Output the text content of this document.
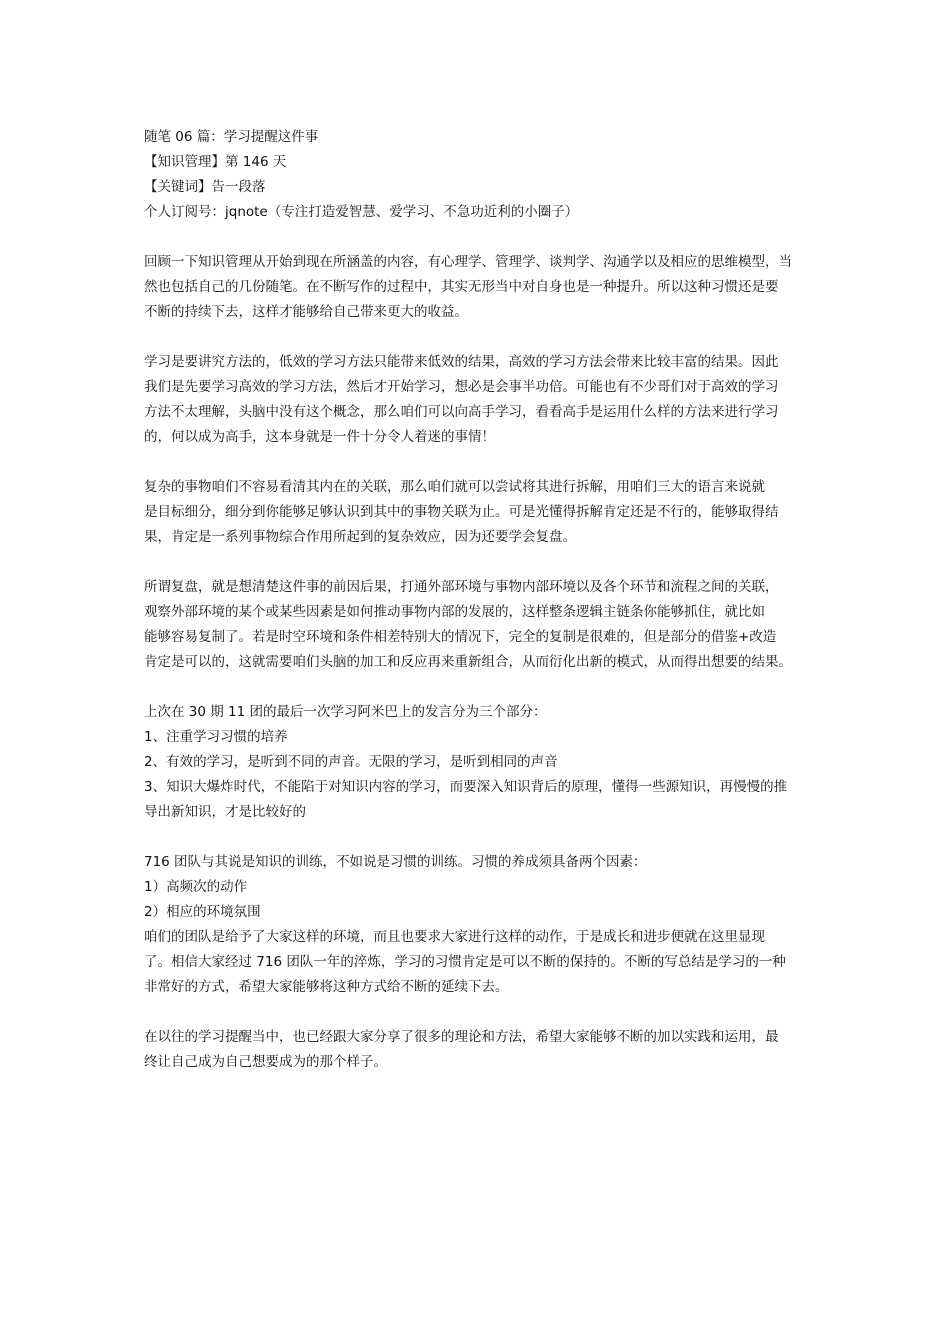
随笔 06 篇：学习提醒这件事
【知识管理】第 146 天
【关键词】告一段落
个人订阅号：jqnote（专注打造爱智慧、爱学习、不急功近利的小圈子）
回顾一下知识管理从开始到现在所涵盖的内容，有心理学、管理学、谈判学、沟通学以及相应的思维模型，当
然也包括自己的几份随笔。在不断写作的过程中，其实无形当中对自身也是一种提升。所以这种习惯还是要
不断的持续下去，这样才能够给自己带来更大的收益。
学习是要讲究方法的，低效的学习方法只能带来低效的结果，高效的学习方法会带来比较丰富的结果。因此
我们是先要学习高效的学习方法，然后才开始学习，想必是会事半功倍。可能也有不少哥们对于高效的学习
方法不太理解，头脑中没有这个概念，那么咱们可以向高手学习，看看高手是运用什么样的方法来进行学习
的，何以成为高手，这本身就是一件十分令人着迷的事情！
复杂的事物咱们不容易看清其内在的关联，那么咱们就可以尝试将其进行拆解，用咱们三大的语言来说就
是目标细分，细分到你能够足够认识到其中的事物关联为止。可是光懂得拆解肯定还是不行的，能够取得结
果，肯定是一系列事物综合作用所起到的复杂效应，因为还要学会复盘。
所谓复盘，就是想清楚这件事的前因后果，打通外部环境与事物内部环境以及各个环节和流程之间的关联，
观察外部环境的某个或某些因素是如何推动事物内部的发展的，这样整条逻辑主链条你能够抓住，就比如
能够容易复制了。若是时空环境和条件相差特别大的情况下，完全的复制是很难的，但是部分的借鉴+改造
肯定是可以的，这就需要咱们头脑的加工和反应再来重新组合，从而衍化出新的模式，从而得出想要的结果。
上次在 30 期 11 团的最后一次学习阿米巴上的发言分为三个部分：
1、注重学习习惯的培养
2、有效的学习，是听到不同的声音。无限的学习，是听到相同的声音
3、知识大爆炸时代，不能陷于对知识内容的学习，而要深入知识背后的原理，懂得一些源知识，再慢慢的推
导出新知识，才是比较好的
716 团队与其说是知识的训练，不如说是习惯的训练。习惯的养成须具备两个因素：
1）高频次的动作
2）相应的环境氛围
咱们的团队是给予了大家这样的环境，而且也要求大家进行这样的动作，于是成长和进步便就在这里显现
了。相信大家经过 716 团队一年的淬炼，学习的习惯肯定是可以不断的保持的。不断的写总结是学习的一种
非常好的方式，希望大家能够将这种方式给不断的延续下去。
在以往的学习提醒当中，也已经跟大家分享了很多的理论和方法，希望大家能够不断的加以实践和运用，最
终让自己成为自己想要成为的那个样子。
